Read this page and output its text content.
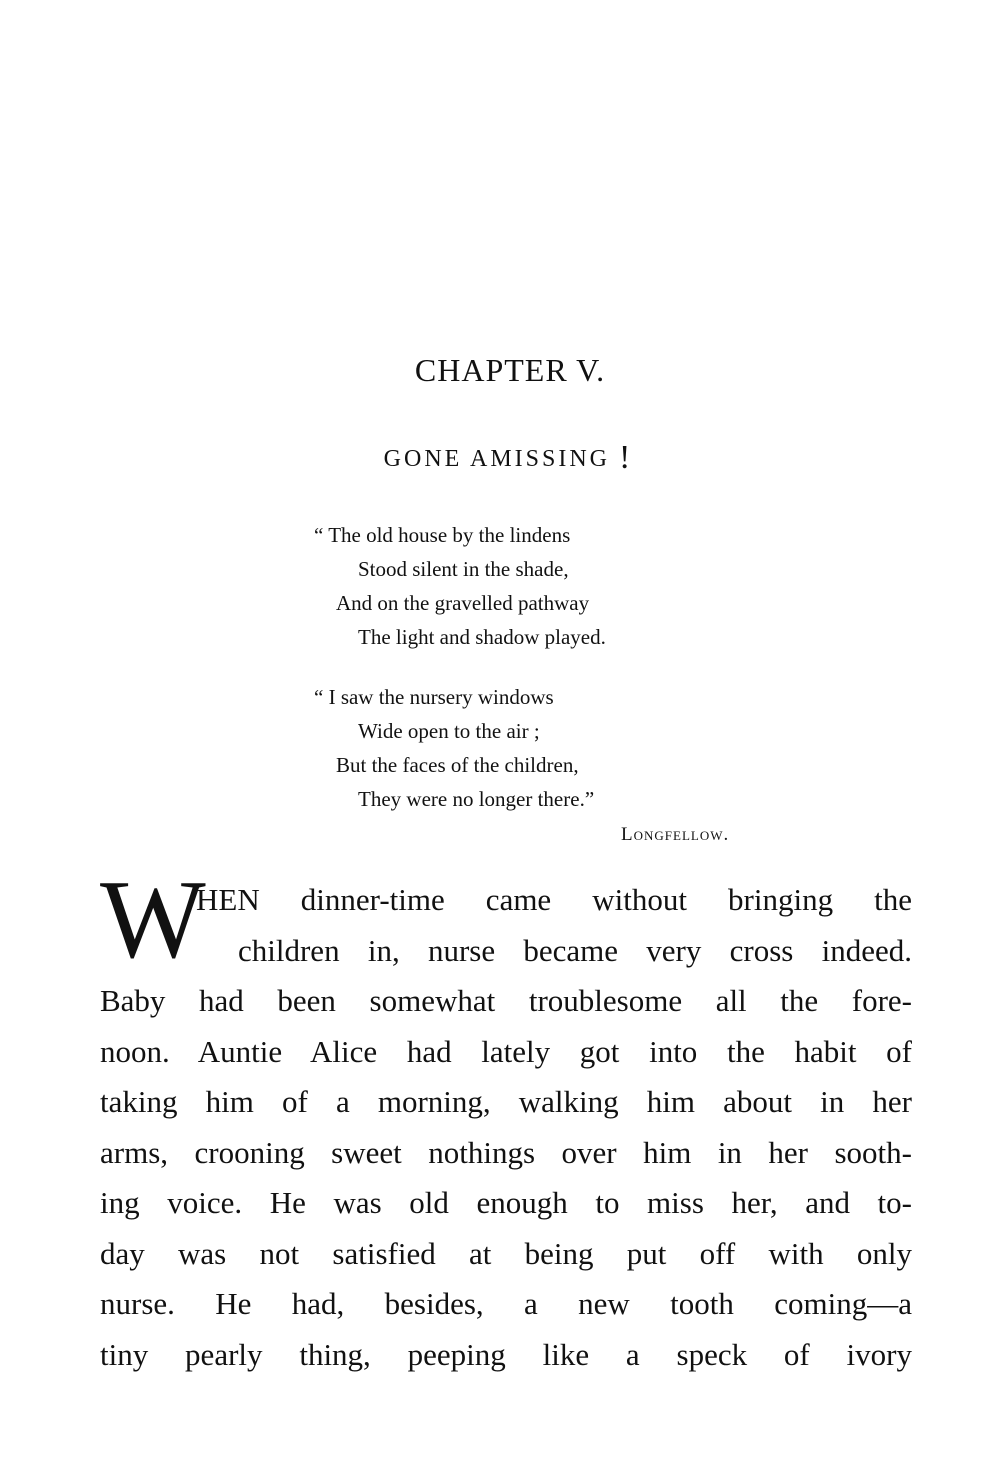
CHAPTER V.
GONE AMISSING !
“ The old house by the lindens
Stood silent in the shade,
And on the gravelled pathway
The light and shadow played.
“ I saw the nursery windows
Wide open to the air ;
But the faces of the children,
They were no longer there.”
Longfellow.
W
HEN dinner-time came without bringing the
children in, nurse became very cross indeed.
Baby had been somewhat troublesome all the fore-
noon. Auntie Alice had lately got into the habit of
taking him of a morning, walking him about in her
arms, crooning sweet nothings over him in her sooth-
ing voice. He was old enough to miss her, and to-
day was not satisfied at being put off with only
nurse. He had, besides, a new tooth coming—a
tiny pearly thing, peeping like a speck of ivory
